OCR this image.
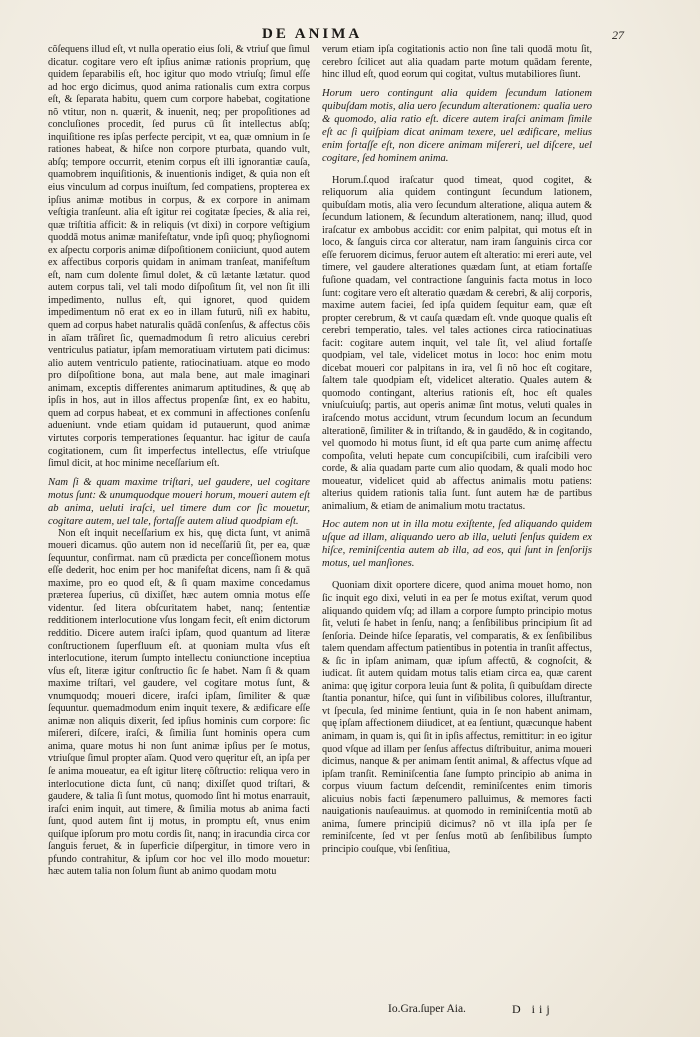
DE ANIMA	27

cõſequens illud eſt, vt nulla operatio eius ſoli, & vtriuſ que ſimul dicatur. cogitare vero eſt ipſius animæ rationis proprium, quę quidem ſeparabilis eſt, hoc igitur quo modo vtriuſq; ſimul eſſe ad hoc ergo dicimus, quod anima rationalis cum extra corpus eſt, & ſeparata habitu, quem cum corpore habebat, cogitatione nõ vtitur, non n. quærit, & inuenit, neq; per propoſitiones ad concluſiones procedit, ſed purus cū ſit intellectus abſq; inquiſitione res ipſas perfecte percipit, vt ea, quæ omnium in ſe rationes habeat, & hiſce non corpore pturbata, quando vult, abſq; tempore occurrit, etenim corpus eſt illi ignorantiæ cauſa, quamobrem inquiſitionis, & inuentionis indiget, & quia non eſt eius vinculum ad corpus inuiſtum, ſed compatiens, propterea ex ipſius animæ motibus in corpus, & ex corpore in animam veſtigia tranſeunt. alia eſt igitur rei cogitatæ ſpecies, & alia rei, quæ triſtitia afficit: & in reliquis (vt dixi) in corpore veſtigium quoddā motus animæ manifeſtatur, vnde ipſi quoq; phyſiognomi ex aſpectu corporis animæ diſpoſitionem coniiciunt, quod autem ex affectibus corporis quidam in animam tranſeat, manifeſtum eſt, nam cum dolente ſimul dolet, & cū lætante lætatur. quod autem corpus tali, vel tali modo diſpoſitum ſit, vel non ſit illi impedimento, nullus eſt, qui ignoret, quod quidem impedimentum nõ erat ex eo in illam futurū, niſi ex habitu, quem ad corpus habet naturalis quādā conſenſus, & affectus cōis in aīam trāſiret ſic, quemadmodum ſi retro alicuius cerebri ventriculus patiatur, ipſam memoratiuam virtutem pati dicimus: alio autem ventriculo patiente, ratiocinatiuam. atque eo modo pro diſpoſitione bona, aut mala bene, aut male imaginari animam, exceptis differentes animarum aptitudines, & quę ab ipſis in hos, aut in illos affectus propenſæ ſint, ex eo habitu, quem ad corpus habeat, et ex communi in affectiones conſenſu adueniunt. vnde etiam quidam id putauerunt, quod animæ virtutes corporis temperationes ſequantur. hac igitur de cauſa cogitationem, cum ſit imperfectus intellectus, eſſe vtriuſque ſimul dicit, at hoc minime neceſſarium eſt.

Nam ſi & quam maxime triſtari, uel gaudere, uel cogitare motus ſunt: & unumquodque moueri horum, moueri autem eſt ab anima, ueluti iraſci, uel timere dum cor ſic mouetur, cogitare autem, uel tale, fortaſſe autem aliud quodpiam eſt.

Non eſt inquit neceſſarium ex his, quę dicta ſunt, vt animā moueri dicamus. qūo autem non id neceſſariū ſit, per ea, quæ ſequuntur, confirmat. nam cū prædicta per conceſſionem motus eſſe dederit, hoc enim per hoc manifeſtat dicens, nam ſi & quā maxime, pro eo quod eſt, & ſi quam maxime concedamus præterea ſuperius, cū dixiſſet, hæc autem omnia motus eſſe videntur. ſed litera obſcuritatem habet, nanq; ſententiæ redditionem interlocutione vſus longam fecit, eſt enim dictorum redditio. Dicere autem iraſci ipſam, quod quantum ad literæ conſtructionem ſuperfluum eſt. at quoniam multa vſus eſt interlocutione, iterum ſumpto intellectu coniunctione inceptiua vſus eſt, literæ igitur conſtructio ſic ſe habet. Nam ſi & quam maxime triſtari, vel gaudere, vel cogitare motus ſunt, & vnumquodq; moueri dicere, iraſci ipſam, ſimiliter & quæ ſequuntur. quemadmodum enim inquit texere, & ædificare eſſe animæ non aliquis dixerit, ſed ipſius hominis cum corpore: ſic miſereri, diſcere, iraſci, & ſimilia ſunt hominis opera cum anima, quare motus hi non ſunt animæ ipſius per ſe motus, vtriuſque ſimul propter aīam. Quod vero quęritur eſt, an ipſa per ſe anima moueatur, ea eſt igitur literę cõſtructio: reliqua vero in interlocutione dicta ſunt, cū nanq; dixiſſet quod triſtari, & gaudere, & talia ſi ſunt motus, quomodo ſint hi motus enarrauit, iraſci enim inquit, aut timere, & ſimilia motus ab anima facti ſunt, quod autem ſint ij motus, in promptu eſt, vnus enim quiſque ipſorum pro motu cordis ſit, nanq; in iracundia circa cor ſanguis feruet, & in ſuperficie diſpergitur, in timore vero in pfundo contrahitur, & ipſum cor hoc vel illo modo mouetur: hæc autem talia non ſolum ſiunt ab animo quodam motu

verum etiam ipſa cogitationis actio non ſine tali quodā motu ſit, cerebro ſcilicet aut alia quadam parte motum quādam ferente, hinc illud eſt, quod eorum qui cogitat, vultus mutabiliores ſiunt.

Horum uero contingunt alia quidem ſecundum lationem quibuſdam motis, alia uero ſecundum alterationem: qualia uero & quomodo, alia ratio eſt. dicere autem iraſci animam ſimile eſt ac ſi quiſpiam dicat animam texere, uel ædificare, melius enim fortaſſe eſt, non dicere animam miſereri, uel diſcere, uel cogitare, ſed hominem anima.

Horum.ſ.quod iraſcatur quod timeat, quod cogitet, & reliquorum alia quidem contingunt ſecundum lationem, quibuſdam motis, alia vero ſecundum alteratione, aliqua autem & ſecundum lationem, & ſecundum alterationem, nanq; illud, quod iraſcatur ex ambobus accidit: cor enim palpitat, qui motus eſt in loco, & ſanguis circa cor alteratur, nam iram ſanguinis circa cor eſſe feruorem dicimus, feruor autem eſt alteratio: mi ereri aute, vel timere, vel gaudere alterationes quædam ſunt, at etiam fortaſſe fuſione quadam, vel contractione ſanguinis facta motus in loco ſunt: cogitare vero eſt alteratio quædam & cerebri, & alij corporis, maxime autem faciei, ſed ipſa quidem ſequitur eam, quæ eſt propter cerebrum, & vt cauſa quædam eſt. vnde quoque qualis eſt cerebri temperatio, tales. vel tales actiones circa ratiocinatiuas facit: cogitare autem inquit, vel tale ſit, vel aliud fortaſſe quodpiam, vel tale, videlicet motus in loco: hoc enim motu dicebat moueri cor palpitans in ira, vel ſi nõ hoc eſt cogitare, ſaltem tale quodpiam eſt, videlicet alteratio. Quales autem & quomodo contingant, alterius rationis eſt, hoc eſt quales vniuſcuiuſq; partis, aut operis animæ ſint motus, veluti quales in iraſcendo motus accidunt, vtrum ſecundum locum an ſecundum alterationē, ſimiliter & in triſtando, & in gaudēdo, & in cogitando, vel quomodo hi motus ſiunt, id eſt qua parte cum animę affectu compoſita, veluti hepate cum concupiſcibili, cum iraſcibili vero corde, & alia quadam parte cum alio quodam, & quali modo hoc moueatur, videlicet quid ab affectus animalis motu patiens: alterius quidem rationis talia ſunt. ſunt autem hæ de partibus animalium, & etiam de animalium motu tractatus.

Hoc autem non ut in illa motu exiſtente, ſed aliquando quidem uſque ad illam, aliquando uero ab illa, ueluti ſenſus quidem ex hiſce, reminiſcentia autem ab illa, ad eos, qui ſunt in ſenſorijs motus, uel manſiones.

Quoniam dixit oportere dicere, quod anima mouet homo, non ſic inquit ego dixi, veluti in ea per ſe motus exiſtat, verum quod aliquando quidem vſq; ad illam a corpore ſumpto principio motus ſit, veluti ſe habet in ſenſu, nanq; a ſenſibilibus principium ſit ad ſenſoria. Deinde hiſce ſeparatis, vel comparatis, & ex ſenſibilibus talem quendam affectum patientibus in potentia in tranſit affectus, & ſic in ipſam animam, quæ ipſum affectū, & cognoſcit, & iudicat. ſit autem quidam motus talis etiam circa ea, quæ carent anima: quę igitur corpora leuia ſunt & polita, ſi quibuſdam directe ſtantia ponantur, hiſce, qui ſunt in viſibilibus colores, illuſtrantur, vt ſpecula, ſed minime ſentiunt, quia in ſe non habent animam, quę ipſam affectionem diiudicet, at ea ſentiunt, quæcunque habent animam, in quam is, qui ſit in ipſis affectus, remittitur: in eo igitur quod vſque ad illam per ſenſus affectus diſtribuitur, anima moueri dicimus, nanque & per animam ſentit animal, & affectus vſque ad ipſam tranſit. Reminiſcentia ſane ſumpto principio ab anima in corpus viuum factum deſcendit, reminiſcentes enim timoris alicuius nobis facti ſæpenumero palluimus, & memores facti nauigationis nauſeauimus. at quomodo in reminiſcentia motū ab anima, ſumere principiū dicimus? nõ vt illa ipſa per ſe reminiſcente, ſed vt per ſenſus motū ab ſenſibilibus ſumpto principio couſque, vbi ſenſitiua,

Io.Gra.ſuper Aia.	D iij
